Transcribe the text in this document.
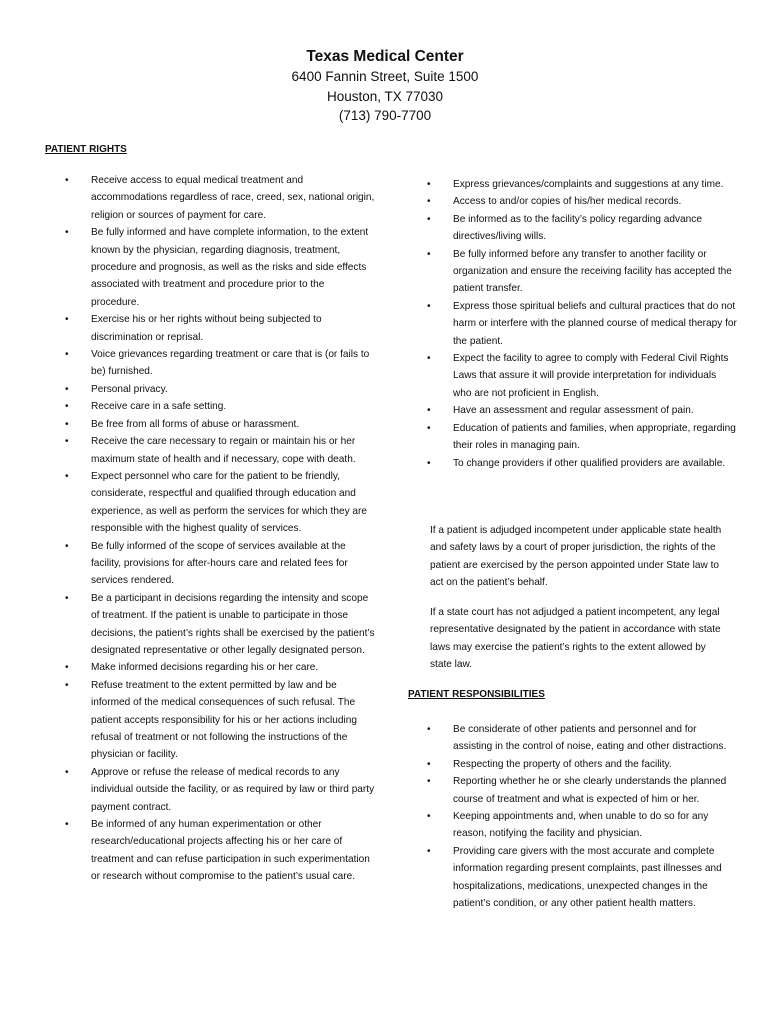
Texas Medical Center
6400 Fannin Street, Suite 1500
Houston, TX 77030
(713) 790-7700
PATIENT RIGHTS
• Receive access to equal medical treatment and accommodations regardless of race, creed, sex, national origin, religion or sources of payment for care.
• Be fully informed and have complete information, to the extent known by the physician, regarding diagnosis, treatment, procedure and prognosis, as well as the risks and side effects associated with treatment and procedure prior to the procedure.
• Exercise his or her rights without being subjected to discrimination or reprisal.
• Voice grievances regarding treatment or care that is (or fails to be) furnished.
• Personal privacy.
• Receive care in a safe setting.
• Be free from all forms of abuse or harassment.
• Receive the care necessary to regain or maintain his or her maximum state of health and if necessary, cope with death.
• Expect personnel who care for the patient to be friendly, considerate, respectful and qualified through education and experience, as well as perform the services for which they are responsible with the highest quality of services.
• Be fully informed of the scope of services available at the facility, provisions for after-hours care and related fees for services rendered.
• Be a participant in decisions regarding the intensity and scope of treatment. If the patient is unable to participate in those decisions, the patient’s rights shall be exercised by the patient’s designated representative or other legally designated person.
• Make informed decisions regarding his or her care.
• Refuse treatment to the extent permitted by law and be informed of the medical consequences of such refusal. The patient accepts responsibility for his or her actions including refusal of treatment or not following the instructions of the physician or facility.
• Approve or refuse the release of medical records to any individual outside the facility, or as required by law or third party payment contract.
• Be informed of any human experimentation or other research/educational projects affecting his or her care of treatment and can refuse participation in such experimentation or research without compromise to the patient’s usual care.
• Express grievances/complaints and suggestions at any time.
• Access to and/or copies of his/her medical records.
• Be informed as to the facility’s policy regarding advance directives/living wills.
• Be fully informed before any transfer to another facility or organization and ensure the receiving facility has accepted the patient transfer.
• Express those spiritual beliefs and cultural practices that do not harm or interfere with the planned course of medical therapy for the patient.
• Expect the facility to agree to comply with Federal Civil Rights Laws that assure it will provide interpretation for individuals who are not proficient in English.
• Have an assessment and regular assessment of pain.
• Education of patients and families, when appropriate, regarding their roles in managing pain.
• To change providers if other qualified providers are available.

If a patient is adjudged incompetent under applicable state health and safety laws by a court of proper jurisdiction, the rights of the patient are exercised by the person appointed under State law to act on the patient’s behalf.

If a state court has not adjudged a patient incompetent, any legal representative designated by the patient in accordance with state laws may exercise the patient’s rights to the extent allowed by state law.

PATIENT RESPONSIBILITIES
• Be considerate of other patients and personnel and for assisting in the control of noise, eating and other distractions.
• Respecting the property of others and the facility.
• Reporting whether he or she clearly understands the planned course of treatment and what is expected of him or her.
• Keeping appointments and, when unable to do so for any reason, notifying the facility and physician.
• Providing care givers with the most accurate and complete information regarding present complaints, past illnesses and hospitalizations, medications, unexpected changes in the patient’s condition, or any other patient health matters.
